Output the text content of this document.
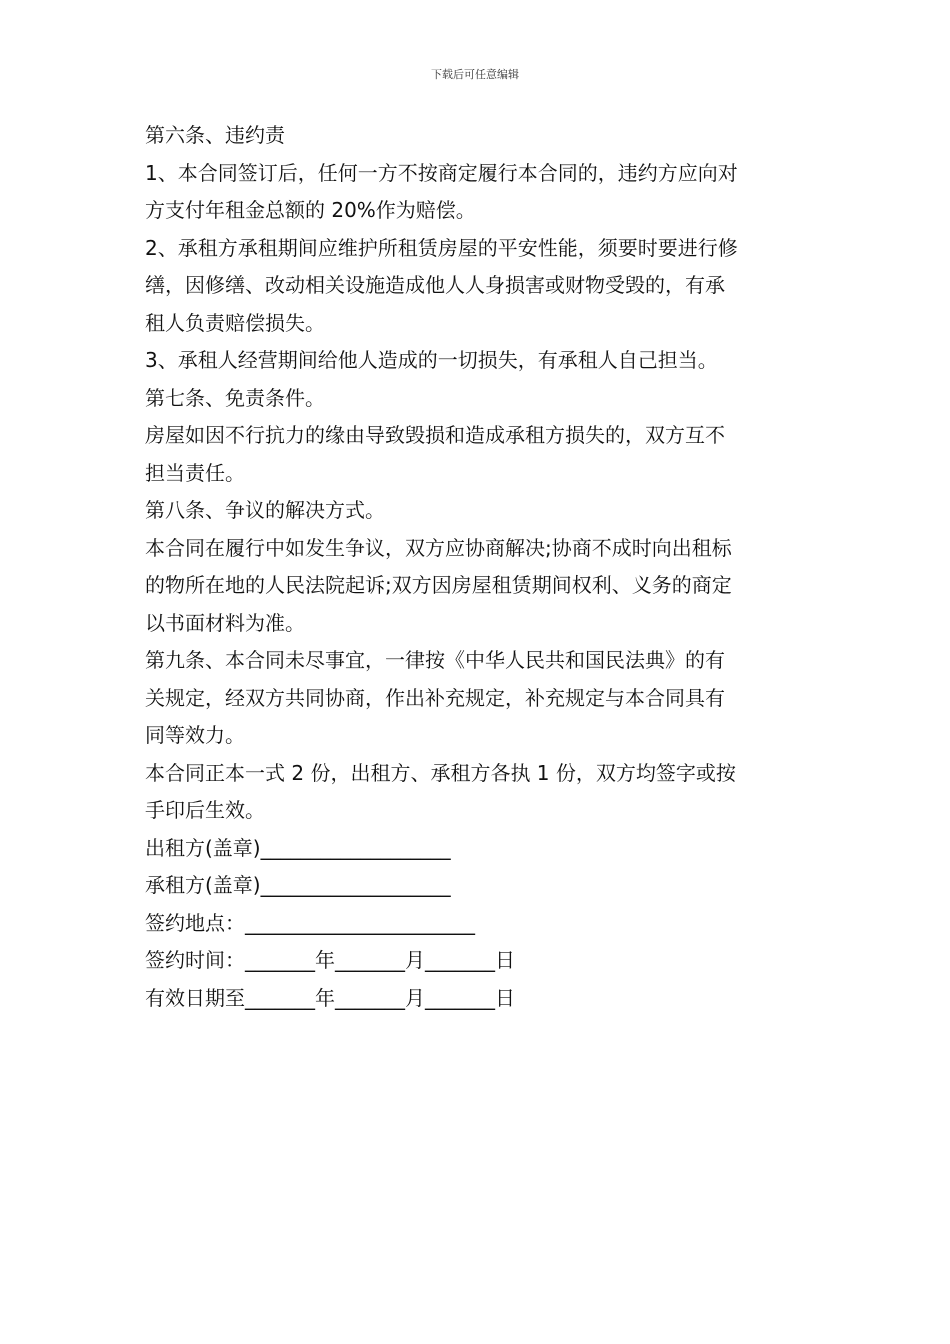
下载后可任意编辑
第六条、违约责
1、本合同签订后，任何一方不按商定履行本合同的，违约方应向对
方支付年租金总额的 20%作为赔偿。
2、承租方承租期间应维护所租赁房屋的平安性能，须要时要进行修
缮，因修缮、改动相关设施造成他人人身损害或财物受毁的，有承
租人负责赔偿损失。
3、承租人经营期间给他人造成的一切损失，有承租人自己担当。
第七条、免责条件。
房屋如因不行抗力的缘由导致毁损和造成承租方损失的，双方互不
担当责任。
第八条、争议的解决方式。
本合同在履行中如发生争议，双方应协商解决;协商不成时向出租标
的物所在地的人民法院起诉;双方因房屋租赁期间权利、义务的商定
以书面材料为准。
第九条、本合同未尽事宜，一律按《中华人民共和国民法典》的有
关规定，经双方共同协商，作出补充规定，补充规定与本合同具有
同等效力。
本合同正本一式 2 份，出租方、承租方各执 1 份，双方均签字或按
手印后生效。
出租方(盖章)___________________
承租方(盖章)___________________
签约地点：_______________________
签约时间：_______年_______月_______日
有效日期至_______年_______月_______日
